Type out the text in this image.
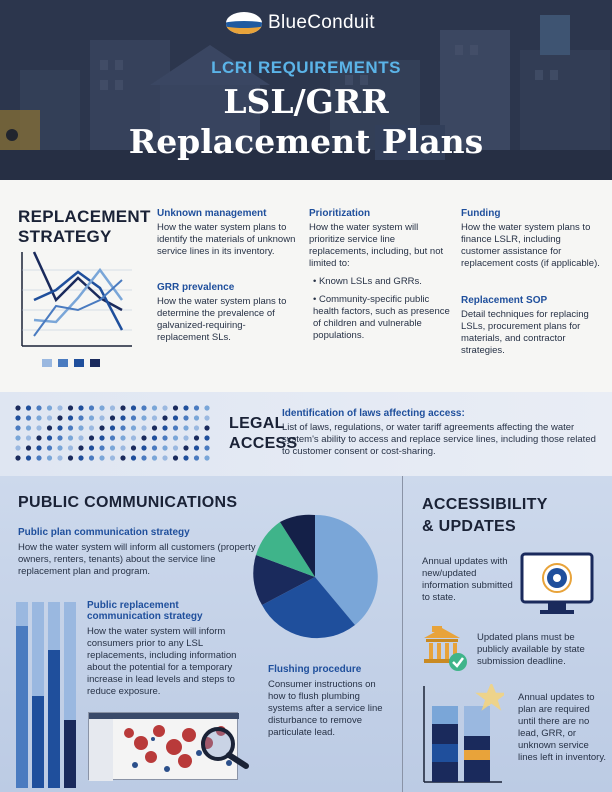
BlueConduit
LCRI REQUIREMENTS
LSL/GRR
Replacement Plans
REPLACEMENT
STRATEGY
Unknown management
How the water system plans to identify the materials of unknown service lines in its inventory.
GRR prevalence
How the water system plans to determine the prevalence of galvanized-requiring-replacement SLs.
Prioritization
How the water system will prioritize service line replacements, including, but not limited to:
• Known LSLs and GRRs.
• Community-specific public health factors, such as presence of children and vulnerable populations.
Funding
How the water system plans to finance LSLR, including customer assistance for replacement costs (if applicable).
Replacement SOP
Detail techniques for replacing LSLs, procurement plans for materials, and contractor strategies.
LEGAL
ACCESS
Identification of laws affecting access:
List of laws, regulations, or water tariff agreements affecting the water system's ability to access and replace service lines, including those related to customer consent or cost-sharing.
PUBLIC COMMUNICATIONS
Public plan communication strategy
How the water system will inform all customers (property owners, renters, tenants) about the service line replacement plan and program.
Public replacement
communication strategy
How the water system will inform consumers prior to any LSL replacements, including information about the potential for a temporary increase in lead levels and steps to reduce exposure.
Flushing procedure
Consumer instructions on how to flush plumbing systems after a service line disturbance to remove particulate lead.
ACCESSIBILITY
& UPDATES
Annual updates with new/updated information submitted to state.
Updated plans must be publicly available by state submission deadline.
Annual updates to plan are required until there are no lead, GRR, or unknown service lines left in inventory.
